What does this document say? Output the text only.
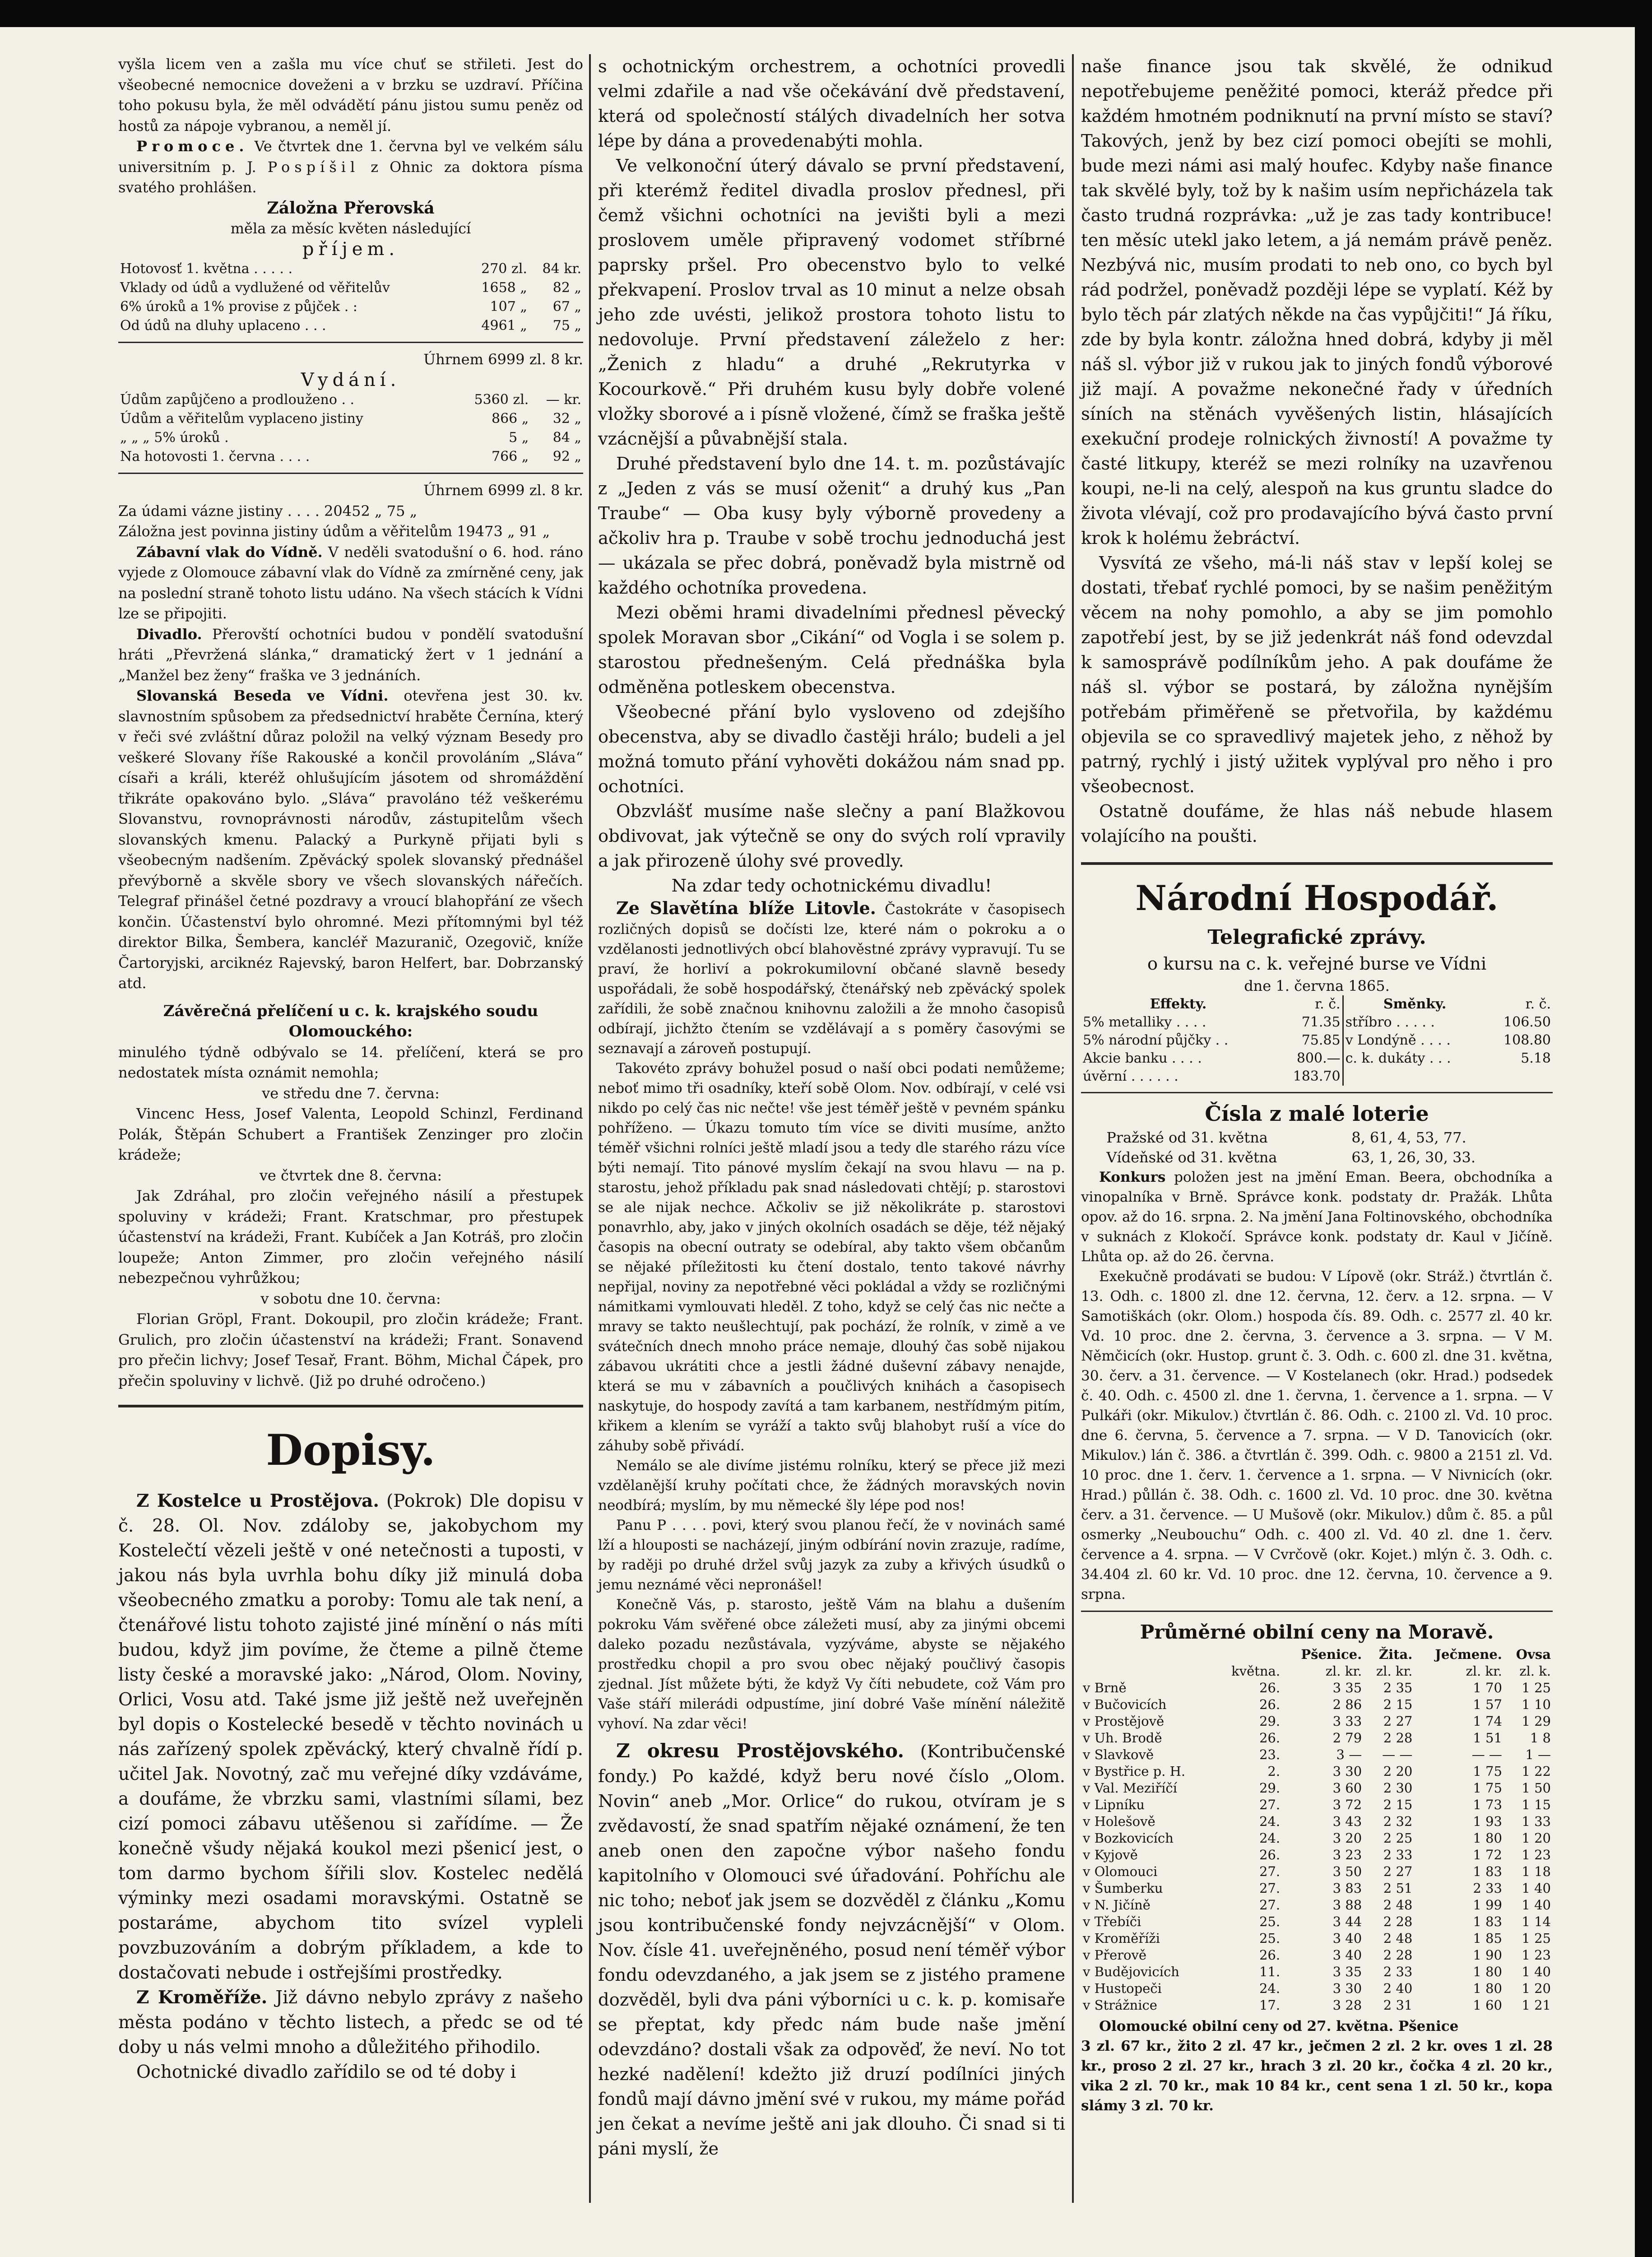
vyšla licem ven a zašla mu více chuť se střileti. Jest do všeobecné nemocnice doveženi a v brzku se uzdraví. Příčina toho pokusu byla, že měl odvádětí pánu jistou sumu peněz od hostů za nápoje vybranou, a neměl jí.

Promoce. Ve čtvrtek dne 1. června byl ve velkém sálu universitním p. J. Pospíšil z Ohnic za doktora písma svatého prohlášen.

Záložna Přerovská

měla za měsíc květen následující

příjem.

Hotovosť 1. května . . . . .	270 zl.	84 kr.
Vklady od údů a vydlužené od věřitelův	1658 „	82 „
6% úroků a 1% provise z půjček . :	107 „	67 „
Od údů na dluhy uplaceno . . .	4961 „	75 „

Úhrnem 6999 zl. 8 kr.

Vydání.

Údům zapůjčeno a prodlouženo . .	5360 zl.	— kr.
Údům a věřitelům vyplaceno jistiny	866 „	32 „
„ „ „ 5% úroků .	5 „	84 „
Na hotovosti 1. června . . . .	766 „	92 „

Úhrnem 6999 zl. 8 kr.

Za údami vázne jistiny . . . . 20452 „ 75 „

Záložna jest povinna jistiny údům a věřitelům 19473 „ 91 „

Zábavní vlak do Vídně. V neděli svatodušní o 6. hod. ráno vyjede z Olomouce zábavní vlak do Vídně za zmírněné ceny, jak na poslední straně tohoto listu udáno. Na všech stácích k Vídni lze se připojiti.

Divadlo. Přerovští ochotníci budou v pondělí svatodušní hráti „Převržená slánka,“ dramatický žert v 1 jednání a „Manžel bez ženy“ fraška ve 3 jednáních.

Slovanská Beseda ve Vídni. otevřena jest 30. kv. slavnostním spůsobem za předsednictví hraběte Černína, který v řeči své zvláštní důraz položil na velký význam Besedy pro veškeré Slovany říše Rakouské a končil provoláním „Sláva“ císaři a králi, kteréž ohlušujícím jásotem od shromáždění třikráte opakováno bylo. „Sláva“ pravoláno též veškerému Slovanstvu, rovnoprávnosti národův, zástupitelům všech slovanských kmenu. Palacký a Purkyně přijati byli s všeobecným nadšením. Zpěvácký spolek slovanský přednášel převýborně a skvěle sbory ve všech slovanských nářečích. Telegraf přinášel četné pozdravy a vroucí blahopřání ze všech končin. Účastenství bylo ohromné. Mezi přítomnými byl též direktor Bilka, Šembera, kancléř Mazuranič, Ozegovič, kníže Čartoryjski, arciknéz Rajevský, baron Helfert, bar. Dobrzanský atd.

Závěrečná přelíčení u c. k. krajského soudu Olomouckého:

minulého týdně odbývalo se 14. přelíčení, která se pro nedostatek místa oznámit nemohla;

ve středu dne 7. června:

Vincenc Hess, Josef Valenta, Leopold Schinzl, Ferdinand Polák, Štěpán Schubert a František Zenzinger pro zločin krádeže;

ve čtvrtek dne 8. června:

Jak Zdráhal, pro zločin veřejného násilí a přestupek spoluviny v krádeži; Frant. Kratschmar, pro přestupek účastenství na krádeži, Frant. Kubíček a Jan Kotráš, pro zločin loupeže; Anton Zimmer, pro zločin veřejného násilí nebezpečnou vyhrůžkou;

v sobotu dne 10. června:

Florian Gröpl, Frant. Dokoupil, pro zločin krádeže; Frant. Grulich, pro zločin účastenství na krádeži; Frant. Sonavend pro přečin lichvy; Josef Tesař, Frant. Böhm, Michal Čápek, pro přečin spoluviny v lichvě. (Již po druhé odročeno.)

Dopisy.

Z Kostelce u Prostějova. (Pokrok) Dle dopisu v č. 28. Ol. Nov. zdáloby se, jakobychom my Kostelečtí vězeli ještě v oné netečnosti a tuposti, v jakou nás byla uvrhla bohu díky již minulá doba všeobecného zmatku a poroby: Tomu ale tak není, a čtenářové listu tohoto zajisté jiné mínění o nás míti budou, když jim povíme, že čteme a pilně čteme listy české a moravské jako: „Národ, Olom. Noviny, Orlici, Vosu atd. Také jsme již ještě než uveřejněn byl dopis o Kostelecké besedě v těchto novinách u nás zařízený spolek zpěvácký, který chvalně řídí p. učitel Jak. Novotný, zač mu veřejné díky vzdáváme, a doufáme, že vbrzku sami, vlastními sílami, bez cizí pomoci zábavu utěšenou si zařídíme. — Že konečně všudy nějaká koukol mezi pšenicí jest, o tom darmo bychom šířili slov. Kostelec nedělá výminky mezi osadami moravskými. Ostatně se postaráme, abychom tito svízel vypleli povzbuzováním a dobrým příkladem, a kde to dostačovati nebude i ostřejšími prostředky.

Z Kroměříže. Již dávno nebylo zprávy z našeho města podáno v těchto listech, a předc se od té doby u nás velmi mnoho a důležitého přihodilo.

Ochotnické divadlo zařídilo se od té doby i

s ochotnickým orchestrem, a ochotníci provedli velmi zdařile a nad vše očekávání dvě představení, která od společností stálých divadelních her sotva lépe by dána a provedenabýti mohla.

Ve velkonoční úterý dávalo se první představení, při kterémž ředitel divadla proslov přednesl, při čemž všichni ochotníci na jevišti byli a mezi proslovem uměle připravený vodomet stříbrné paprsky pršel. Pro obecenstvo bylo to velké překvapení. Proslov trval as 10 minut a nelze obsah jeho zde uvésti, jelikož prostora tohoto listu to nedovoluje. První představení záleželo z her: „Ženich z hladu“ a druhé „Rekrutyrka v Kocourkově.“ Při druhém kusu byly dobře volené vložky sborové a i písně vložené, čímž se fraška ještě vzácnější a půvabnější stala.

Druhé představení bylo dne 14. t. m. pozůstávajíc z „Jeden z vás se musí oženit“ a druhý kus „Pan Traube“ — Oba kusy byly výborně provedeny a ačkoliv hra p. Traube v sobě trochu jednoduchá jest — ukázala se přec dobrá, poněvadž byla mistrně od každého ochotníka provedena.

Mezi oběmi hrami divadelními přednesl pěvecký spolek Moravan sbor „Cikání“ od Vogla i se solem p. starostou přednešeným. Celá přednáška byla odměněna potleskem obecenstva.

Všeobecné přání bylo vysloveno od zdejšího obecenstva, aby se divadlo častěji hrálo; budeli a jel možná tomuto přání vyhověti dokážou nám snad pp. ochotníci.

Obzvlášť musíme naše slečny a paní Blažkovou obdivovat, jak výtečně se ony do svých rolí vpravily a jak přirozeně úlohy své provedly.

Na zdar tedy ochotnickému divadlu!

Ze Slavětína blíže Litovle. Častokráte v časopisech rozličných dopisů se dočísti lze, které nám o pokroku a o vzdělanosti jednotlivých obcí blahověstné zprávy vypravují. Tu se praví, že horliví a pokrokumilovní občané slavně besedy uspořádali, že sobě hospodářský, čtenářský neb zpěvácký spolek zařídili, že sobě značnou knihovnu založili a že mnoho časopisů odbírají, jichžto čtením se vzdělávají a s poměry časovými se seznavají a zároveň postupují.

Takovéto zprávy bohužel posud o naší obci podati nemůžeme; neboť mimo tři osadníky, kteří sobě Olom. Nov. odbírají, v celé vsi nikdo po celý čas nic nečte! vše jest téměř ještě v pevném spánku pohříženo. — Úkazu tomuto tím více se diviti musíme, anžto téměř všichni rolníci ještě mladí jsou a tedy dle starého rázu více býti nemají. Tito pánové myslím čekají na svou hlavu — na p. starostu, jehož příkladu pak snad následovati chtějí; p. starostovi se ale nijak nechce. Ačkoliv se již několikráte p. starostovi ponavrhlo, aby, jako v jiných okolních osadách se děje, též nějaký časopis na obecní outraty se odebíral, aby takto všem občanům se nějaké příležitosti ku čtení dostalo, tento takové návrhy nepřijal, noviny za nepotřebné věci pokládal a vždy se rozličnými námitkami vymlouvati hleděl. Z toho, když se celý čas nic nečte a mravy se takto neušlechtují, pak pochází, že rolník, v zimě a ve svátečních dnech mnoho práce nemaje, dlouhý čas sobě nijakou zábavou ukrátiti chce a jestli žádné duševní zábavy nenajde, která se mu v zábavních a poučlivých knihách a časopisech naskytuje, do hospody zavítá a tam karbanem, nestřídmým pitím, křikem a klením se vyráží a takto svůj blahobyt ruší a více do záhuby sobě přivádí.

Nemálo se ale divíme jistému rolníku, který se přece již mezi vzdělanější kruhy počítati chce, že žádných moravských novin neodbírá; myslím, by mu německé šly lépe pod nos!

Panu P . . . . povi, který svou planou řečí, že v novinách samé lží a hlouposti se nacházejí, jiným odbírání novin zrazuje, radíme, by raději po druhé držel svůj jazyk za zuby a křivých úsudků o jemu neznámé věci nepronášel!

Konečně Vás, p. starosto, ještě Vám na blahu a dušením pokroku Vám svěřené obce záležeti musí, aby za jinými obcemi daleko pozadu nezůstávala, vyzýváme, abyste se nějakého prostředku chopil a pro svou obec nějaký poučlivý časopis zjednal. Jíst můžete býti, že když Vy číti nebudete, což Vám pro Vaše stáří milerádi odpustíme, jiní dobré Vaše mínění náležitě vyhoví. Na zdar věci!

Z okresu Prostějovského. (Kontribučenské fondy.) Po každé, když beru nové číslo „Olom. Novin“ aneb „Mor. Orlice“ do rukou, otvíram je s zvědavostí, že snad spatřím nějaké oznámení, že ten aneb onen den započne výbor našeho fondu kapitolního v Olomouci své úřadování. Pohříchu ale nic toho; neboť jak jsem se dozvěděl z článku „Komu jsou kontribučenské fondy nejvzácnější“ v Olom. Nov. čísle 41. uveřejněného, posud není téměř výbor fondu odevzdaného, a jak jsem se z jistého pramene dozvěděl, byli dva páni výborníci u c. k. p. komisaře se přeptat, kdy předc nám bude naše jmění odevzdáno? dostali však za odpověď, že neví. No tot hezké nadělení! kdežto již druzí podílníci jiných fondů mají dávno jmění své v rukou, my máme pořád jen čekat a nevíme ještě ani jak dlouho. Či snad si ti páni myslí, že

naše finance jsou tak skvělé, že odnikud nepotřebujeme peněžité pomoci, kteráž předce při každém hmotném podniknutí na první místo se staví? Takových, jenž by bez cizí pomoci obejíti se mohli, bude mezi námi asi malý houfec. Kdyby naše finance tak skvělé byly, tož by k našim usím nepřicházela tak často trudná rozprávka: „už je zas tady kontribuce! ten měsíc utekl jako letem, a já nemám právě peněz. Nezbývá nic, musím prodati to neb ono, co bych byl rád podržel, poněvadž později lépe se vyplatí. Kéž by bylo těch pár zlatých někde na čas vypůjčiti!“ Já říku, zde by byla kontr. záložna hned dobrá, kdyby ji měl náš sl. výbor již v rukou jak to jiných fondů výborové již mají. A považme nekonečné řady v úředních síních na stěnách vyvěšených listin, hlásajících exekuční prodeje rolnických živností! A považme ty časté litkupy, kteréž se mezi rolníky na uzavřenou koupi, ne-li na celý, alespoň na kus gruntu sladce do života vlévají, což pro prodavajícího bývá často první krok k holému žebráctví.

Vysvítá ze všeho, má-li náš stav v lepší kolej se dostati, třebať rychlé pomoci, by se našim peněžitým věcem na nohy pomohlo, a aby se jim pomohlo zapotřebí jest, by se již jedenkrát náš fond odevzdal k samosprávě podílníkům jeho. A pak doufáme že náš sl. výbor se postará, by záložna nynějším potřebám přiměřeně se přetvořila, by každému objevila se co spravedlivý majetek jeho, z něhož by patrný, rychlý i jistý užitek vyplýval pro něho i pro všeobecnost.

Ostatně doufáme, že hlas náš nebude hlasem volajícího na poušti.

Národní Hospodář.
Telegrafické zprávy.

o kursu na c. k. veřejné burse ve Vídni

dne 1. června 1865.

Effekty.	r. č.	Směnky.	r. č.
5% metalliky . . . .	71.35	stříbro . . . . .	106.50
5% národní půjčky . .	75.85	v Londýně . . . .	108.80
Akcie banku . . . .	800.—	c. k. dukáty . . .	5.18
úvěrní . . . . . .	183.70		
Čísla z malé loterie
Pražské od 31. května	8, 61, 4, 53, 77.
Vídeňské od 31. května	63, 1, 26, 30, 33.

Konkurs položen jest na jmění Eman. Beera, obchodníka a vinopalníka v Brně. Správce konk. podstaty dr. Pražák. Lhůta opov. až do 16. srpna. 2. Na jmění Jana Foltinovského, obchodníka v suknách z Klokočí. Správce konk. podstaty dr. Kaul v Jičíně. Lhůta op. až do 26. června.

Exekučně prodávati se budou: V Lípově (okr. Stráž.) čtvrtlán č. 13. Odh. c. 1800 zl. dne 12. června, 12. červ. a 12. srpna. — V Samotiškách (okr. Olom.) hospoda čís. 89. Odh. c. 2577 zl. 40 kr. Vd. 10 proc. dne 2. června, 3. července a 3. srpna. — V M. Němčicích (okr. Hustop. grunt č. 3. Odh. c. 600 zl. dne 31. května, 30. červ. a 31. července. — V Kostelanech (okr. Hrad.) podsedek č. 40. Odh. c. 4500 zl. dne 1. června, 1. července a 1. srpna. — V Pulkáři (okr. Mikulov.) čtvrtlán č. 86. Odh. c. 2100 zl. Vd. 10 proc. dne 6. června, 5. července a 7. srpna. — V D. Tanovicích (okr. Mikulov.) lán č. 386. a čtvrtlán č. 399. Odh. c. 9800 a 2151 zl. Vd. 10 proc. dne 1. červ. 1. července a 1. srpna. — V Nivnicích (okr. Hrad.) půllán č. 38. Odh. c. 1600 zl. Vd. 10 proc. dne 30. května červ. a 31. července. — U Mušově (okr. Mikulov.) dům č. 85. a půl osmerky „Neubouchu“ Odh. c. 400 zl. Vd. 40 zl. dne 1. červ. července a 4. srpna. — V Cvrčově (okr. Kojet.) mlýn č. 3. Odh. c. 34.404 zl. 60 kr. Vd. 10 proc. dne 12. června, 10. července a 9. srpna.

Průměrné obilní ceny na Moravě.
		Pšenice.	Žita.	Ječmene.	Ovsa
	května.	zl. kr.	zl. kr.	zl. kr.	zl. k.
v Brně	26.	3 35	2 35	1 70	1 25
v Bučovicích	26.	2 86	2 15	1 57	1 10
v Prostějově	29.	3 33	2 27	1 74	1 29
v Uh. Brodě	26.	2 79	2 28	1 51	1 8
v Slavkově	23.	3 —	— —	— —	1 —
v Bystřice p. H.	2.	3 30	2 20	1 75	1 22
v Val. Meziříčí	29.	3 60	2 30	1 75	1 50
v Lipníku	27.	3 72	2 15	1 73	1 15
v Holešově	24.	3 43	2 32	1 93	1 33
v Bozkovicích	24.	3 20	2 25	1 80	1 20
v Kyjově	26.	3 23	2 33	1 72	1 23
v Olomouci	27.	3 50	2 27	1 83	1 18
v Šumberku	27.	3 83	2 51	2 33	1 40
v N. Jičíně	27.	3 88	2 48	1 99	1 40
v Třebíči	25.	3 44	2 28	1 83	1 14
v Kroměříži	25.	3 40	2 48	1 85	1 25
v Přerově	26.	3 40	2 28	1 90	1 23
v Budějovicích	11.	3 35	2 33	1 80	1 40
v Hustopeči	24.	3 30	2 40	1 80	1 20
v Strážnice	17.	3 28	2 31	1 60	1 21

Olomoucké obilní ceny od 27. května. Pšenice
3 zl. 67 kr., žito 2 zl. 47 kr., ječmen 2 zl. 2 kr. oves 1 zl. 28 kr., proso 2 zl. 27 kr., hrach 3 zl. 20 kr., čočka 4 zl. 20 kr., vika 2 zl. 70 kr., mak 10 84 kr., cent sena 1 zl. 50 kr., kopa slámy 3 zl. 70 kr.
